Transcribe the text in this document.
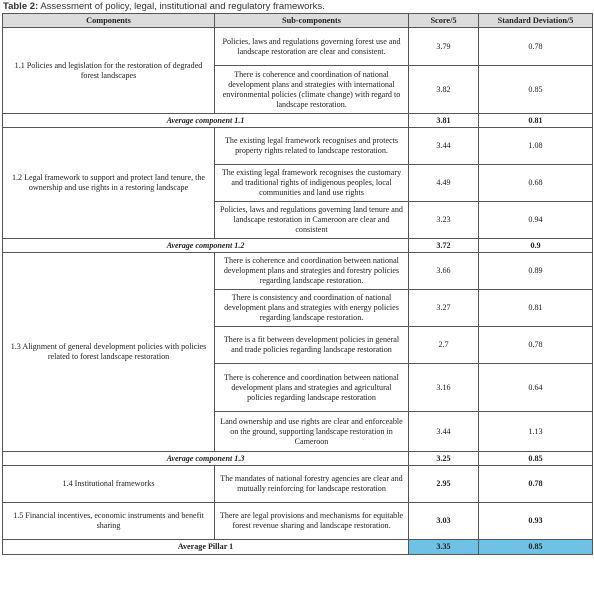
Table 2: Assessment of policy, legal, institutional and regulatory frameworks.
Components	Sub-components	Score/5	Standard Deviation/5
1.1 Policies and legislation for the restoration of degraded forest landscapes	Policies, laws and regulations governing forest use and landscape restoration are clear and consistent.	3.79	0.78
	There is coherence and coordination of national development plans and strategies with international environmental policies (climate change) with regard to landscape restoration.	3.82	0.85
Average component 1.1		3.81	0.81
1.2 Legal framework to support and protect land tenure, the ownership and use rights in a restoring landscape	The existing legal framework recognises and protects property rights related to landscape restoration.	3.44	1.08
	The existing legal framework recognises the customary and traditional rights of indigenous peoples, local communities and land use rights	4.49	0.68
	Policies, laws and regulations governing land tenure and landscape restoration in Cameroon are clear and consistent	3.23	0.94
Average component 1.2		3.72	0.9
1.3 Alignment of general development policies with policies related to forest landscape restoration	There is coherence and coordination between national development plans and strategies and forestry policies regarding landscape restoration.	3.66	0.89
	There is consistency and coordination of national development plans and strategies with energy policies regarding landscape restoration.	3.27	0.81
	There is a fit between development policies in general and trade policies regarding landscape restoration	2.7	0.78
	There is coherence and coordination between national development plans and strategies and agricultural policies regarding landscape restoration	3.16	0.64
	Land ownership and use rights are clear and enforceable on the ground, supporting landscape restoration in Cameroon	3.44	1.13
Average component 1.3		3.25	0.85
1.4 Institutional frameworks	The mandates of national forestry agencies are clear and mutually reinforcing for landscape restoration	2.95	0.78
1.5 Financial incentives, economic instruments and benefit sharing	There are legal provisions and mechanisms for equitable forest revenue sharing and landscape restoration.	3.03	0.93
Average Pillar 1		3.35	0.85
